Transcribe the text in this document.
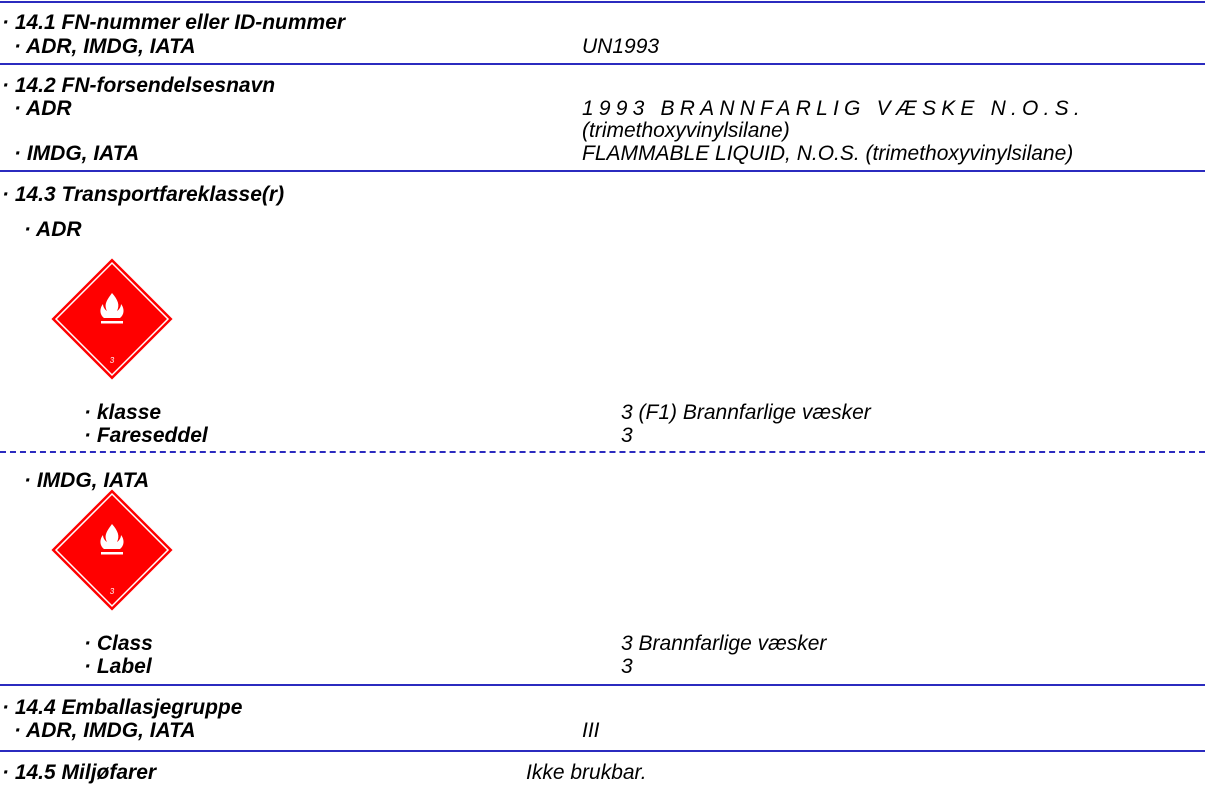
· 14.1 FN-nummer eller ID-nummer
· ADR, IMDG, IATA	UN1993
· 14.2 FN-forsendelsesnavn
· ADR	1993 BRANNFARLIG VÆSKE N.O.S.
(trimethoxyvinylsilane)
· IMDG, IATA	FLAMMABLE LIQUID, N.O.S. (trimethoxyvinylsilane)
· 14.3 Transportfareklasse(r)
· ADR
3
· klasse	3 (F1) Brannfarlige væsker
· Fareseddel	3
· IMDG, IATA
3
· Class	3 Brannfarlige væsker
· Label	3
· 14.4 Emballasjegruppe
· ADR, IMDG, IATA	III
· 14.5 Miljøfarer	Ikke brukbar.
